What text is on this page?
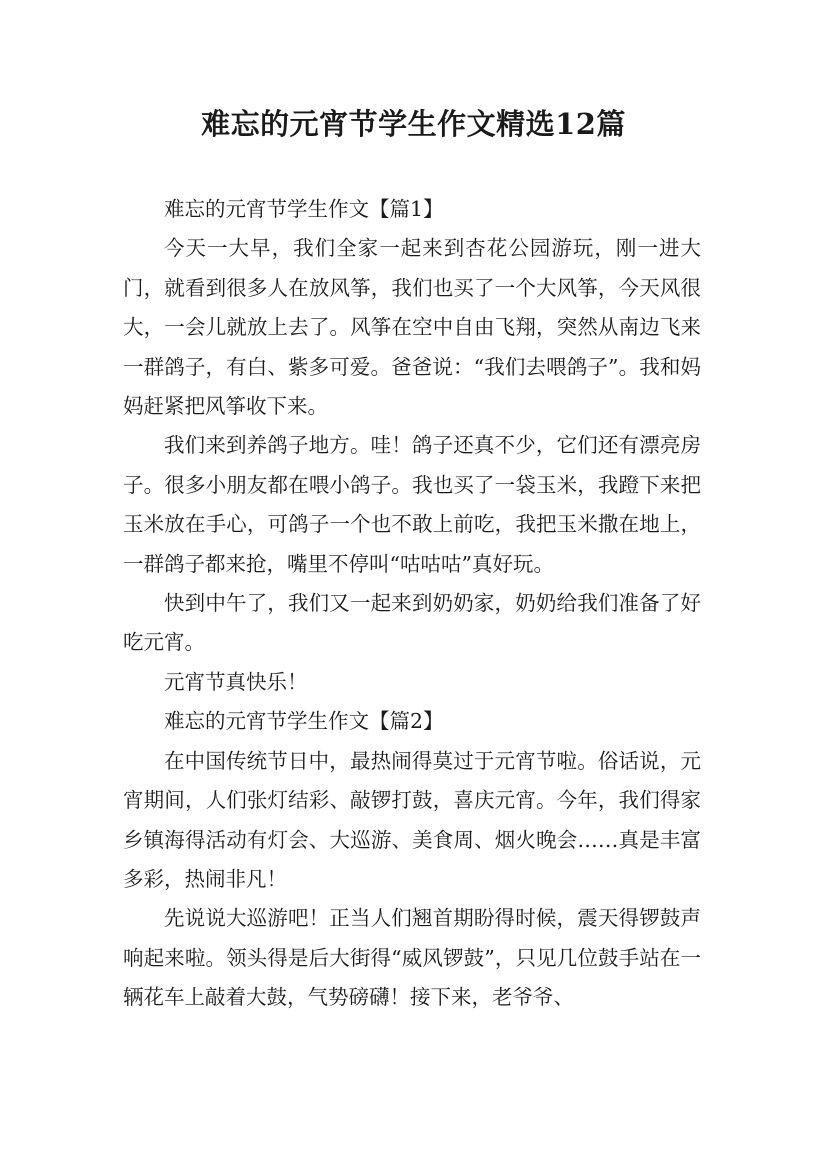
难忘的元宵节学生作文精选12篇

难忘的元宵节学生作文【篇1】

今天一大早，我们全家一起来到杏花公园游玩，刚一进大门，就看到很多人在放风筝，我们也买了一个大风筝，今天风很大，一会儿就放上去了。风筝在空中自由飞翔，突然从南边飞来一群鸽子，有白、紫多可爱。爸爸说：“我们去喂鸽子”。我和妈妈赶紧把风筝收下来。

我们来到养鸽子地方。哇！鸽子还真不少，它们还有漂亮房子。很多小朋友都在喂小鸽子。我也买了一袋玉米，我蹬下来把玉米放在手心，可鸽子一个也不敢上前吃，我把玉米撒在地上，一群鸽子都来抢，嘴里不停叫“咕咕咕”真好玩。

快到中午了，我们又一起来到奶奶家，奶奶给我们准备了好吃元宵。

元宵节真快乐！

难忘的元宵节学生作文【篇2】

在中国传统节日中，最热闹得莫过于元宵节啦。俗话说，元宵期间，人们张灯结彩、敲锣打鼓，喜庆元宵。今年，我们得家乡镇海得活动有灯会、大巡游、美食周、烟火晚会……真是丰富多彩，热闹非凡！

先说说大巡游吧！正当人们翘首期盼得时候，震天得锣鼓声响起来啦。领头得是后大街得“威风锣鼓”，只见几位鼓手站在一辆花车上敲着大鼓，气势磅礴！接下来，老爷爷、
